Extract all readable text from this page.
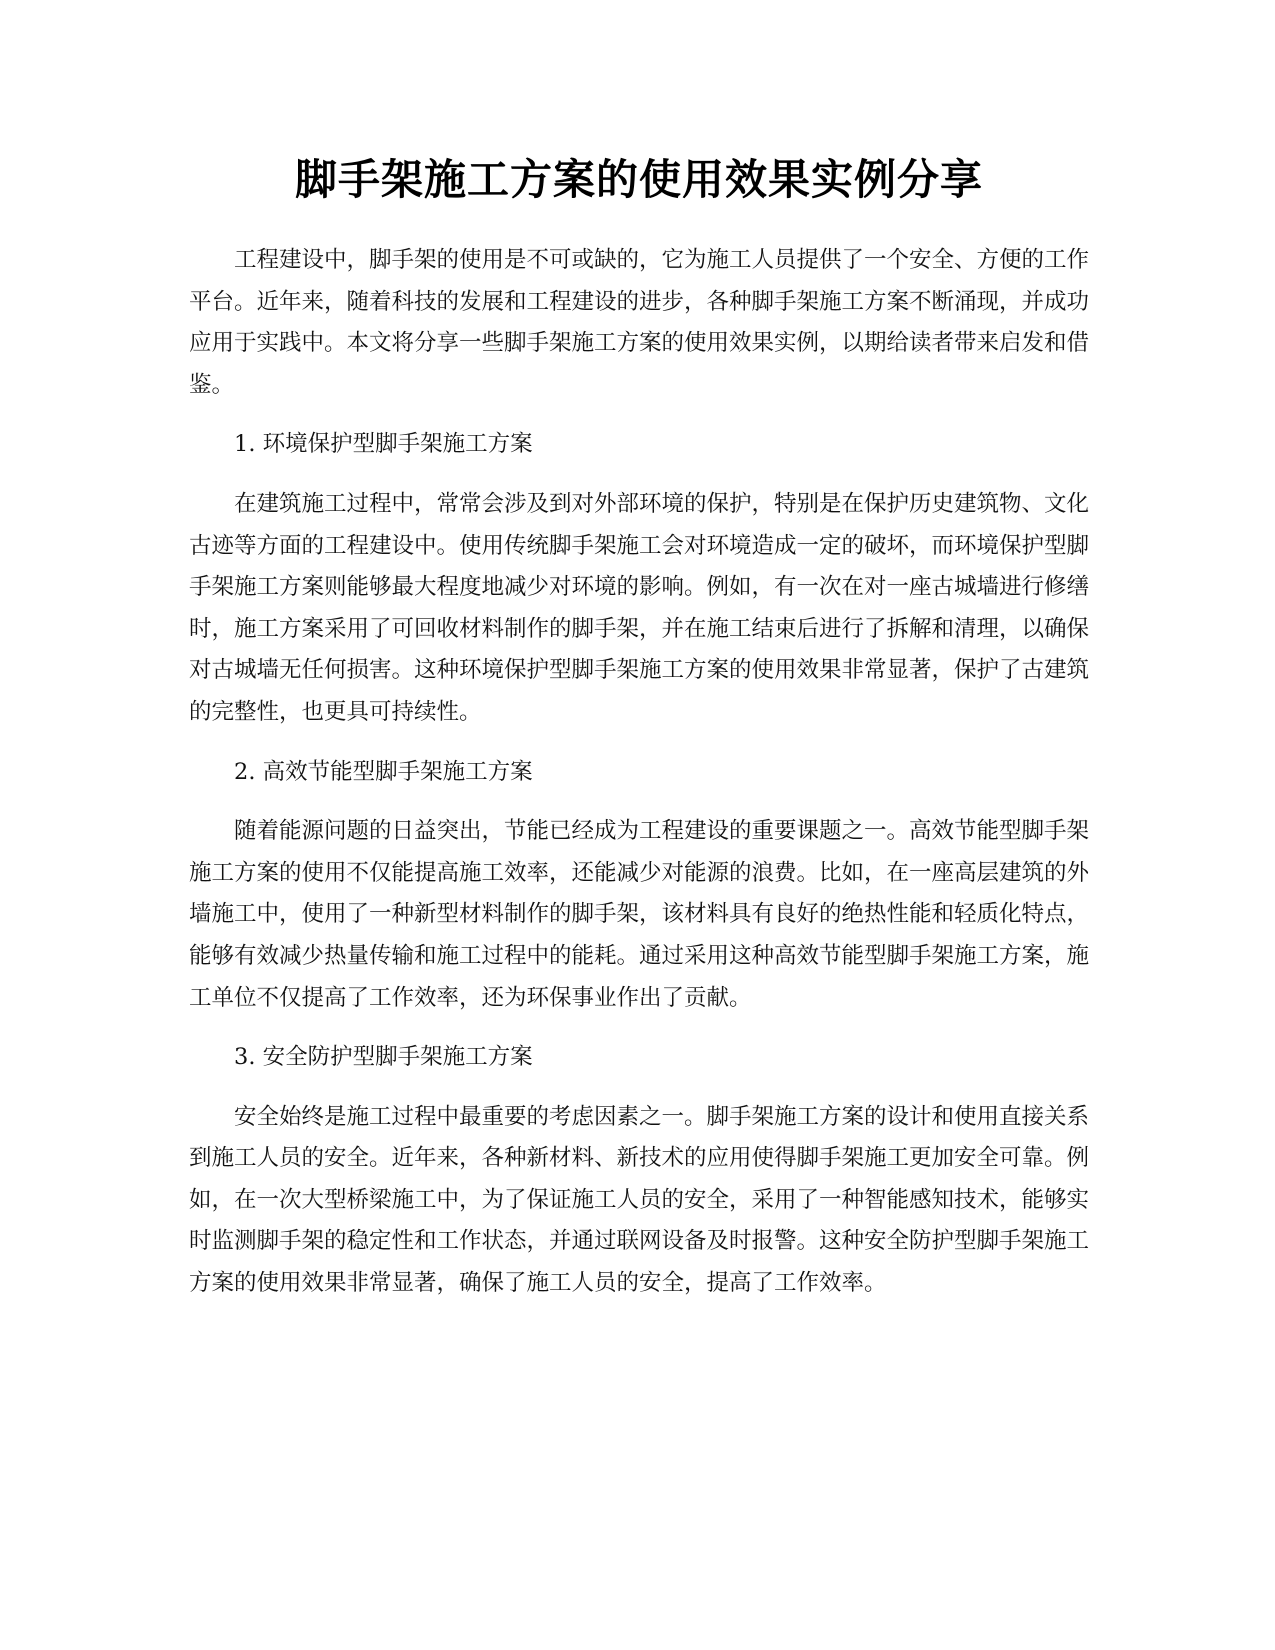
脚手架施工方案的使用效果实例分享

工程建设中，脚手架的使用是不可或缺的，它为施工人员提供了一个安全、方便的工作平台。近年来，随着科技的发展和工程建设的进步，各种脚手架施工方案不断涌现，并成功应用于实践中。本文将分享一些脚手架施工方案的使用效果实例，以期给读者带来启发和借鉴。

1. 环境保护型脚手架施工方案

在建筑施工过程中，常常会涉及到对外部环境的保护，特别是在保护历史建筑物、文化古迹等方面的工程建设中。使用传统脚手架施工会对环境造成一定的破坏，而环境保护型脚手架施工方案则能够最大程度地减少对环境的影响。例如，有一次在对一座古城墙进行修缮时，施工方案采用了可回收材料制作的脚手架，并在施工结束后进行了拆解和清理，以确保对古城墙无任何损害。这种环境保护型脚手架施工方案的使用效果非常显著，保护了古建筑的完整性，也更具可持续性。

2. 高效节能型脚手架施工方案

随着能源问题的日益突出，节能已经成为工程建设的重要课题之一。高效节能型脚手架施工方案的使用不仅能提高施工效率，还能减少对能源的浪费。比如，在一座高层建筑的外墙施工中，使用了一种新型材料制作的脚手架，该材料具有良好的绝热性能和轻质化特点，能够有效减少热量传输和施工过程中的能耗。通过采用这种高效节能型脚手架施工方案，施工单位不仅提高了工作效率，还为环保事业作出了贡献。

3. 安全防护型脚手架施工方案

安全始终是施工过程中最重要的考虑因素之一。脚手架施工方案的设计和使用直接关系到施工人员的安全。近年来，各种新材料、新技术的应用使得脚手架施工更加安全可靠。例如，在一次大型桥梁施工中，为了保证施工人员的安全，采用了一种智能感知技术，能够实时监测脚手架的稳定性和工作状态，并通过联网设备及时报警。这种安全防护型脚手架施工方案的使用效果非常显著，确保了施工人员的安全，提高了工作效率。
